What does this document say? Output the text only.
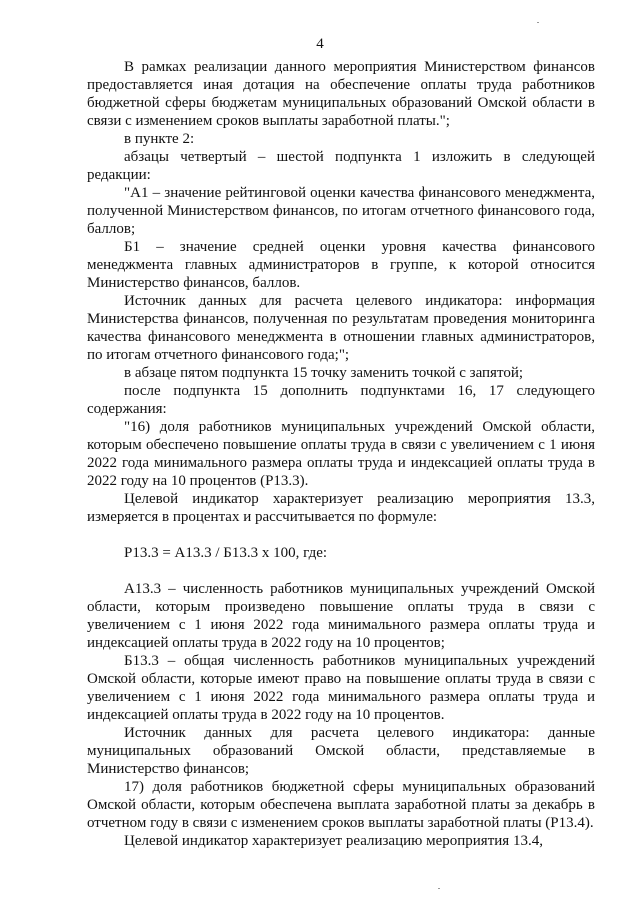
4

В рамках реализации данного мероприятия Министерством финансов предоставляется иная дотация на обеспечение оплаты труда работников бюджетной сферы бюджетам муниципальных образований Омской области в связи с изменением сроков выплаты заработной платы.";

в пункте 2:

абзацы четвертый – шестой подпункта 1 изложить в следующей редакции:

"А1 – значение рейтинговой оценки качества финансового менеджмента, полученной Министерством финансов, по итогам отчетного финансового года, баллов;

Б1 – значение средней оценки уровня качества финансового менеджмента главных администраторов в группе, к которой относится Министерство финансов, баллов.

Источник данных для расчета целевого индикатора: информация Министерства финансов, полученная по результатам проведения мониторинга качества финансового менеджмента в отношении главных администраторов, по итогам отчетного финансового года;";

в абзаце пятом подпункта 15 точку заменить точкой с запятой;

после подпункта 15 дополнить подпунктами 16, 17 следующего содержания:

"16) доля работников муниципальных учреждений Омской области, которым обеспечено повышение оплаты труда в связи с увеличением с 1 июня 2022 года минимального размера оплаты труда и индексацией оплаты труда в 2022 году на 10 процентов (Р13.3).

Целевой индикатор характеризует реализацию мероприятия 13.3, измеряется в процентах и рассчитывается по формуле:

Р13.3 = А13.3 / Б13.3 х 100, где:

А13.3 – численность работников муниципальных учреждений Омской области, которым произведено повышение оплаты труда в связи с увеличением с 1 июня 2022 года минимального размера оплаты труда и индексацией оплаты труда в 2022 году на 10 процентов;

Б13.3 – общая численность работников муниципальных учреждений Омской области, которые имеют право на повышение оплаты труда в связи с увеличением с 1 июня 2022 года минимального размера оплаты труда и индексацией оплаты труда в 2022 году на 10 процентов.

Источник данных для расчета целевого индикатора: данные муниципальных образований Омской области, представляемые в Министерство финансов;

17) доля работников бюджетной сферы муниципальных образований Омской области, которым обеспечена выплата заработной платы за декабрь в отчетном году в связи с изменением сроков выплаты заработной платы (Р13.4).

Целевой индикатор характеризует реализацию мероприятия 13.4,
